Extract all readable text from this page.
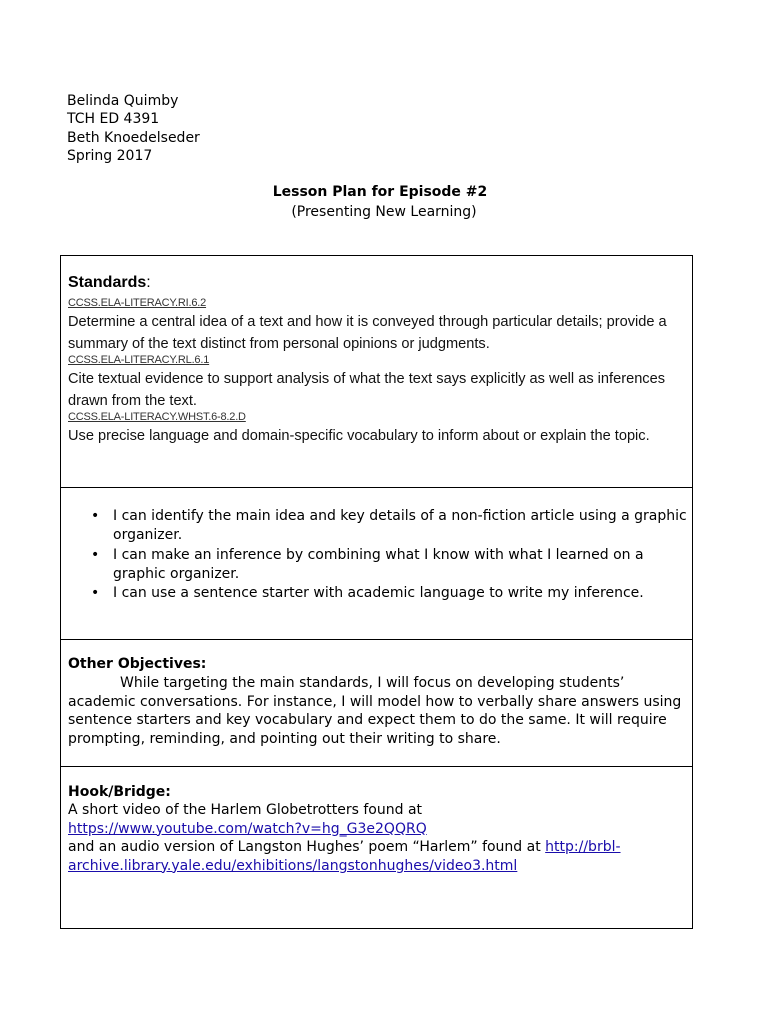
Belinda Quimby
TCH ED 4391
Beth Knoedelseder
Spring 2017
Lesson Plan for Episode #2
(Presenting New Learning)
Standards:
CCSS.ELA-LITERACY.RI.6.2
Determine a central idea of a text and how it is conveyed through particular details; provide a summary of the text distinct from personal opinions or judgments.
CCSS.ELA-LITERACY.RL.6.1
Cite textual evidence to support analysis of what the text says explicitly as well as inferences drawn from the text.
CCSS.ELA-LITERACY.WHST.6-8.2.D
Use precise language and domain-specific vocabulary to inform about or explain the topic.
• I can identify the main idea and key details of a non-fiction article using a graphic organizer.
• I can make an inference by combining what I know with what I learned on a graphic organizer.
• I can use a sentence starter with academic language to write my inference.
Other Objectives:
While targeting the main standards, I will focus on developing students’ academic conversations. For instance, I will model how to verbally share answers using sentence starters and key vocabulary and expect them to do the same. It will require prompting, reminding, and pointing out their writing to share.
Hook/Bridge:
A short video of the Harlem Globetrotters found at
https://www.youtube.com/watch?v=hg_G3e2QQRQ
and an audio version of Langston Hughes’ poem “Harlem” found at http://brbl-archive.library.yale.edu/exhibitions/langstonhughes/video3.html
